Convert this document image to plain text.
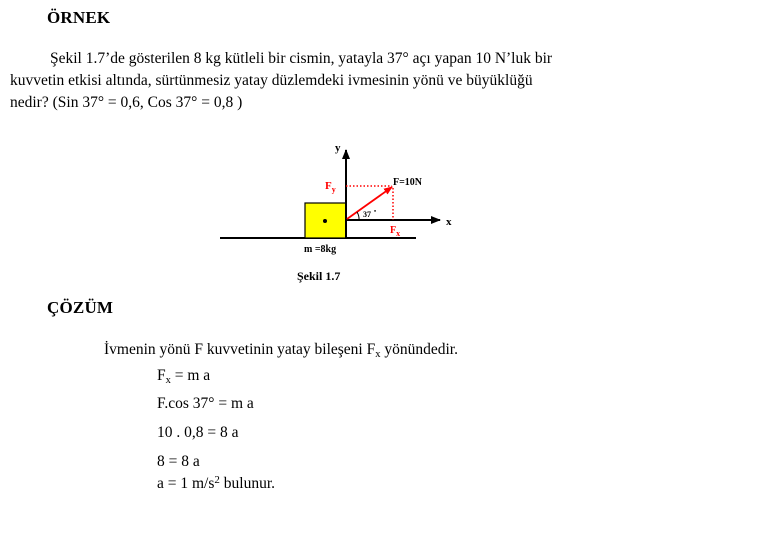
ÖRNEK
Şekil 1.7’de gösterilen 8 kg kütleli bir cismin, yatayla 37° açı yapan 10 N’luk bir
kuvvetin etkisi altında, sürtünmesiz yatay düzlemdeki ivmesinin yönü ve büyüklüğü
nedir? (Sin 37° = 0,6, Cos 37° = 0,8 )
y
x
$F_y$
F=10N
37 •
$F_x$
m =8kg
Şekil 1.7
ÇÖZÜM
İvmenin yönü F kuvvetinin yatay bileşeni $F_x$ yönündedir.
$F_x = m$ a
F.cos 37° = m a
10 . 0,8 = 8 a
8 = 8 a
a = 1 $m/s^2$ bulunur.
